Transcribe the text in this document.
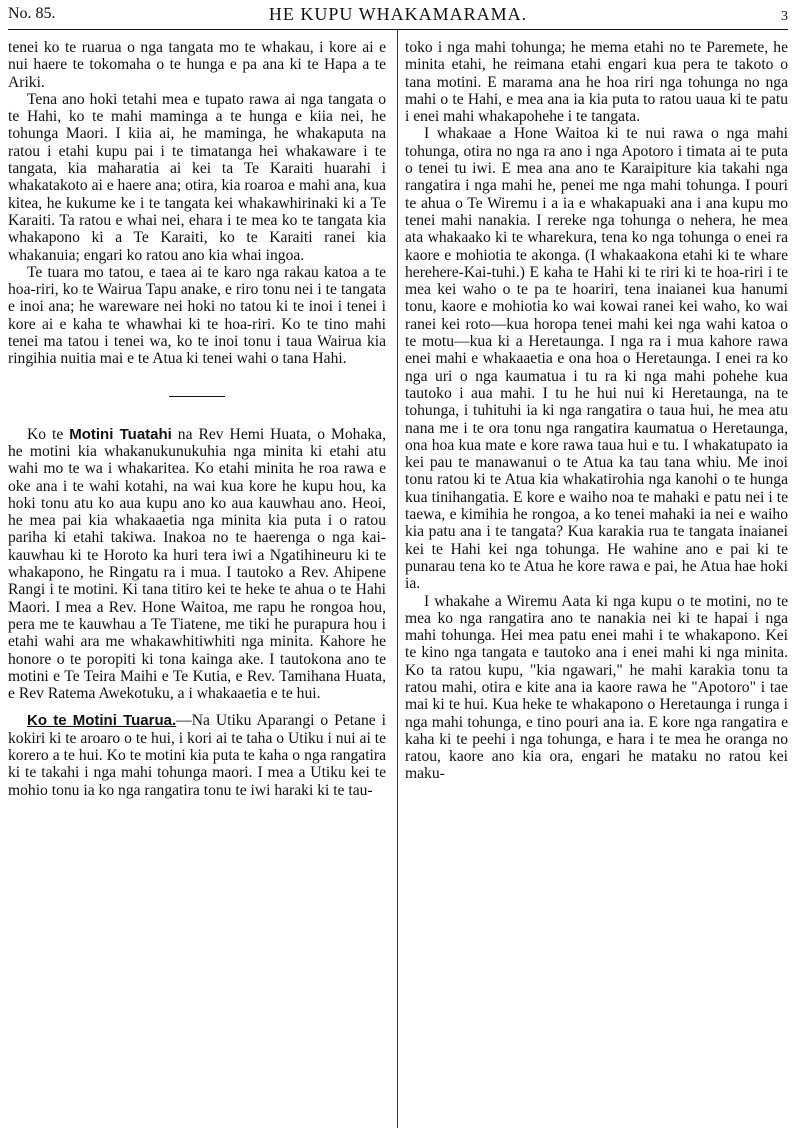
No. 85.	HE KUPU WHAKAMARAMA.	3

tenei ko te ruarua o nga tangata mo te whakau, i kore ai e nui haere te tokomaha o te hunga e pa ana ki te Hapa a te Ariki.

Tena ano hoki tetahi mea e tupato rawa ai nga tangata o te Hahi, ko te mahi maminga a te hunga e kiia nei, he tohunga Maori. I kiia ai, he maminga, he whakaputa na ratou i etahi kupu pai i te timatanga hei whakaware i te tangata, kia maharatia ai kei ta Te Karaiti huarahi i whakatakoto ai e haere ana; otira, kia roaroa e mahi ana, kua kitea, he kukume ke i te tangata kei whakawhirinaki ki a Te Karaiti. Ta ratou e whai nei, ehara i te mea ko te tangata kia whakapono ki a Te Karaiti, ko te Karaiti ranei kia whakanuia; engari ko ratou ano kia whai ingoa.

Te tuara mo tatou, e taea ai te karo nga rakau katoa a te hoa-riri, ko te Wairua Tapu anake, e riro tonu nei i te tangata e inoi ana; he wareware nei hoki no tatou ki te inoi i tenei i kore ai e kaha te whawhai ki te hoa-riri. Ko te tino mahi tenei ma tatou i tenei wa, ko te inoi tonu i taua Wairua kia ringihia nuitia mai e te Atua ki tenei wahi o tana Hahi.

Ko te Motini Tuatahi na Rev Hemi Huata, o Mohaka, he motini kia whakanukunukuhia nga minita ki etahi atu wahi mo te wa i whakaritea. Ko etahi minita he roa rawa e oke ana i te wahi kotahi, na wai kua kore he kupu hou, ka hoki tonu atu ko aua kupu ano ko aua kauwhau ano. Heoi, he mea pai kia whakaaetia nga minita kia puta i o ratou pariha ki etahi takiwa. Inakoa no te haerenga o nga kai-kauwhau ki te Horoto ka huri tera iwi a Ngatihineuru ki te whakapono, he Ringatu ra i mua. I tautoko a Rev. Ahipene Rangi i te motini. Ki tana titiro kei te heke te ahua o te Hahi Maori. I mea a Rev. Hone Waitoa, me rapu he rongoa hou, pera me te kauwhau a Te Tiatene, me tiki he purapura hou i etahi wahi ara me whakawhitiwhiti nga minita. Kahore he honore o te poropiti ki tona kainga ake. I tautokona ano te motini e Te Teira Maihi e Te Kutia, e Rev. Tamihana Huata, e Rev Ratema Awekotuku, a i whakaaetia e te hui.

Ko te Motini Tuarua.—Na Utiku Aparangi o Petane i kokiri ki te aroaro o te hui, i kori ai te taha o Utiku i nui ai te korero a te hui. Ko te motini kia puta te kaha o nga rangatira ki te takahi i nga mahi tohunga maori. I mea a Utiku kei te mohio tonu ia ko nga rangatira tonu te iwi haraki ki te tau-

toko i nga mahi tohunga; he mema etahi no te Paremete, he minita etahi, he reimana etahi engari kua pera te takoto o tana motini. E marama ana he hoa riri nga tohunga no nga mahi o te Hahi, e mea ana ia kia puta to ratou uaua ki te patu i enei mahi whakapohehe i te tangata.

I whakaae a Hone Waitoa ki te nui rawa o nga mahi tohunga, otira no nga ra ano i nga Apotoro i timata ai te puta o tenei tu iwi. E mea ana ano te Karaipiture kia takahi nga rangatira i nga mahi he, penei me nga mahi tohunga. I pouri te ahua o Te Wiremu i a ia e whakapuaki ana i ana kupu mo tenei mahi nanakia. I rereke nga tohunga o nehera, he mea ata whakaako ki te wharekura, tena ko nga tohunga o enei ra kaore e mohiotia te akonga. (I whakaakona etahi ki te whare herehere-Kai-tuhi.) E kaha te Hahi ki te riri ki te hoa-riri i te mea kei waho o te pa te hoariri, tena inaianei kua hanumi tonu, kaore e mohiotia ko wai kowai ranei kei waho, ko wai ranei kei roto—kua horopa tenei mahi kei nga wahi katoa o te motu—kua ki a Heretaunga. I nga ra i mua kahore rawa enei mahi e whakaaetia e ona hoa o Heretaunga. I enei ra ko nga uri o nga kaumatua i tu ra ki nga mahi pohehe kua tautoko i aua mahi. I tu he hui nui ki Heretaunga, na te tohunga, i tuhituhi ia ki nga rangatira o taua hui, he mea atu nana me i te ora tonu nga rangatira kaumatua o Heretaunga, ona hoa kua mate e kore rawa taua hui e tu. I whakatupato ia kei pau te manawanui o te Atua ka tau tana whiu. Me inoi tonu ratou ki te Atua kia whakatirohia nga kanohi o te hunga kua tinihangatia. E kore e waiho noa te mahaki e patu nei i te taewa, e kimihia he rongoa, a ko tenei mahaki ia nei e waiho kia patu ana i te tangata? Kua karakia rua te tangata inaianei kei te Hahi kei nga tohunga. He wahine ano e pai ki te punarau tena ko te Atua he kore rawa e pai, he Atua hae hoki ia.

I whakahe a Wiremu Aata ki nga kupu o te motini, no te mea ko nga rangatira ano te nanakia nei ki te hapai i nga mahi tohunga. Hei mea patu enei mahi i te whakapono. Kei te kino nga tangata e tautoko ana i enei mahi ki nga minita. Ko ta ratou kupu, "kia ngawari," he mahi karakia tonu ta ratou mahi, otira e kite ana ia kaore rawa he "Apotoro" i tae mai ki te hui. Kua heke te whakapono o Heretaunga i runga i nga mahi tohunga, e tino pouri ana ia. E kore nga rangatira e kaha ki te peehi i nga tohunga, e hara i te mea he oranga no ratou, kaore ano kia ora, engari he mataku no ratou kei maku-
